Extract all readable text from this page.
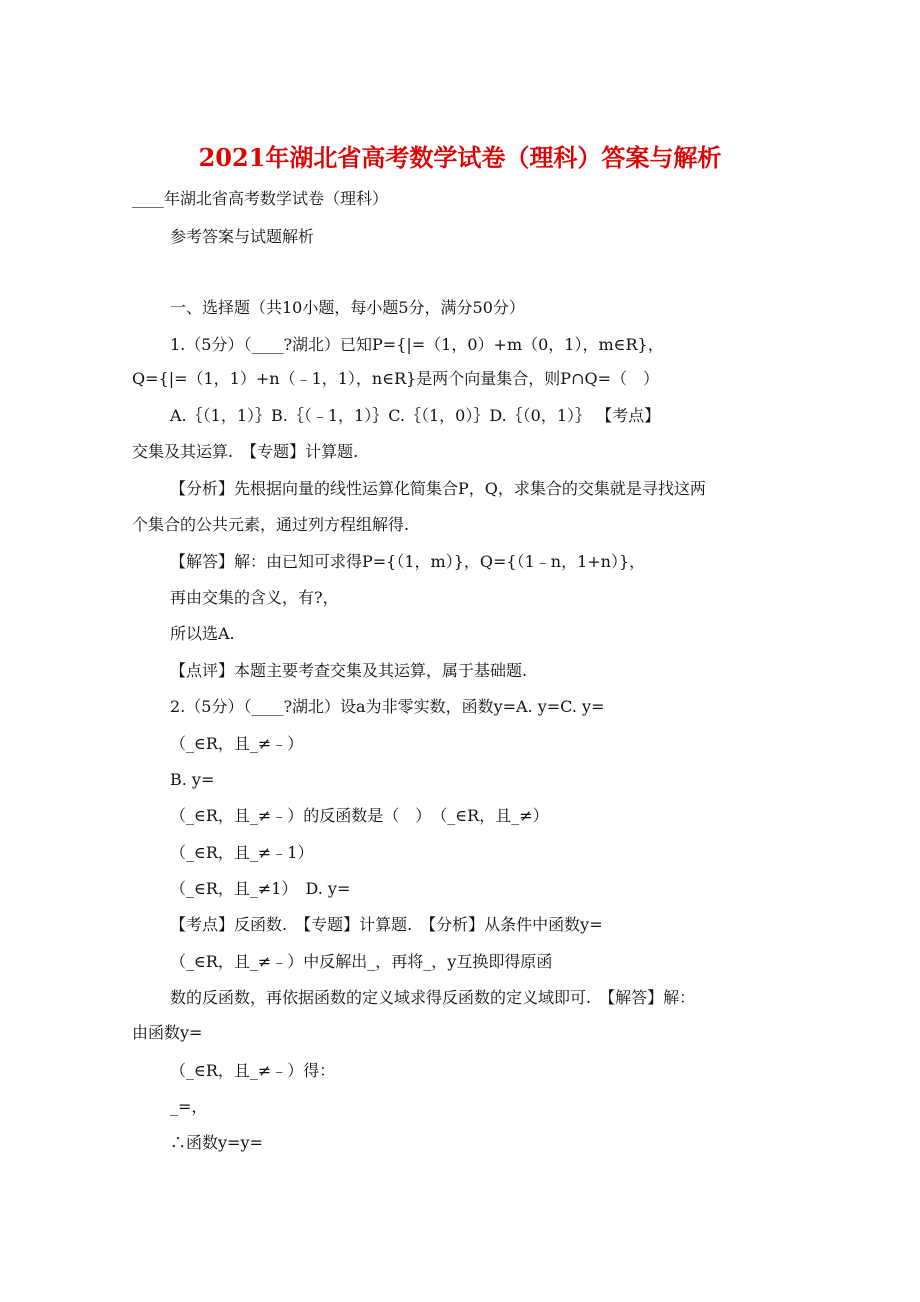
2021年湖北省高考数学试卷（理科）答案与解析
____年湖北省高考数学试卷（理科）
参考答案与试题解析
一、选择题（共10小题，每小题5分，满分50分）
1.（5分）（____?湖北）已知P={|=（1，0）+m（0，1），m∈R}，
Q={|=（1，1）+n（﹣1，1），n∈R}是两个向量集合，则P∩Q=（　）
A.｛（1，1）｝B.｛（﹣1，1）｝C.｛（1，0）｝D.｛（0，1）｝ 【考点】
交集及其运算.　【专题】计算题.
【分析】先根据向量的线性运算化简集合P，Q，求集合的交集就是寻找这两
个集合的公共元素，通过列方程组解得.
【解答】解：由已知可求得P={（1，m）}，Q={（1﹣n，1+n）}，
再由交集的含义，有?，
所以选A.
【点评】本题主要考查交集及其运算，属于基础题.
2.（5分）（____?湖北）设a为非零实数，函数y=A. y=C. y=
（_∈R，且_≠﹣）
B. y=
（_∈R，且_≠﹣）的反函数是（　）　（_∈R，且_≠）
（_∈R，且_≠﹣1）
（_∈R，且_≠1）　D. y=
【考点】反函数.　【专题】计算题.　【分析】从条件中函数y=
（_∈R，且_≠﹣）中反解出_，再将_，y互换即得原函
数的反函数，再依据函数的定义域求得反函数的定义域即可.　【解答】解：
由函数y=
（_∈R，且_≠﹣）得：
_=，
∴函数y=y=
